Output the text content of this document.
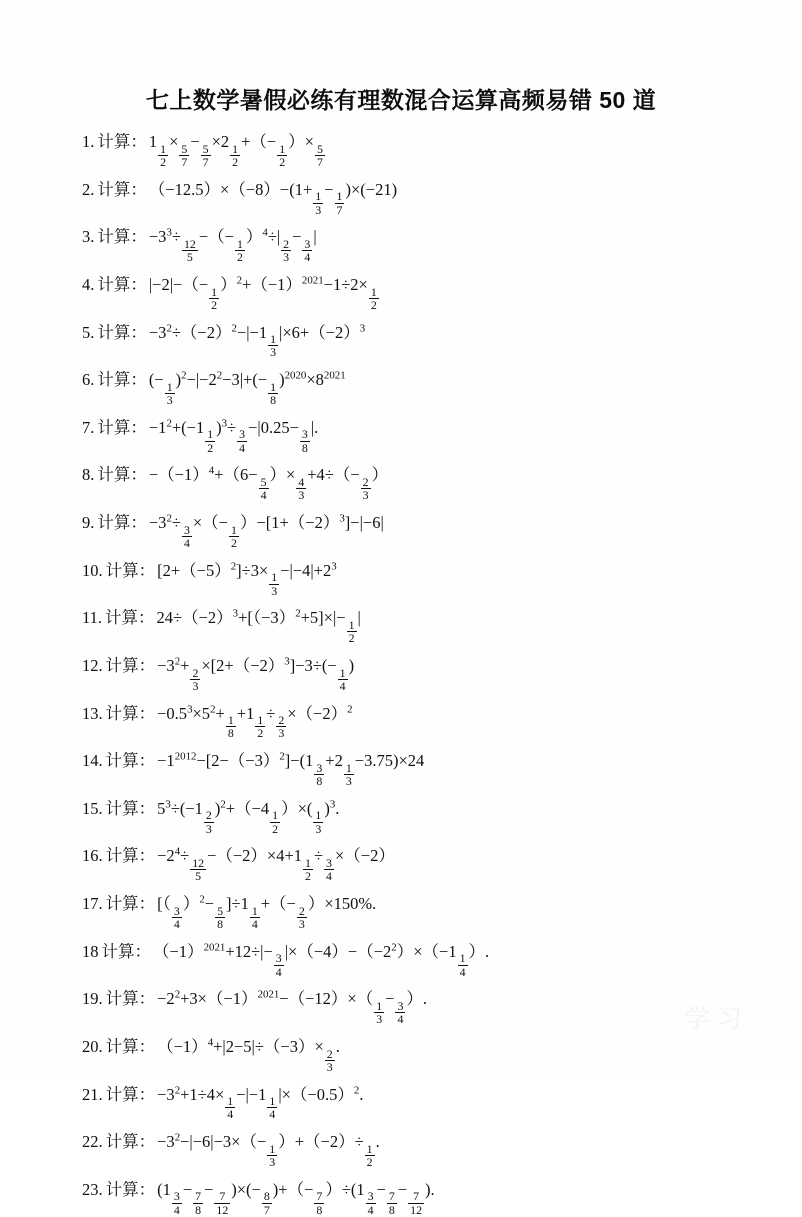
七上数学暑假必练有理数混合运算高频易错 50 道
1. 计算： 1
$\frac{1}{2}$
×
$\frac{5}{7}$
−
$\frac{5}{7}$
×2
$\frac{1}{2}$
+（−
$\frac{1}{2}$
）×
$\frac{5}{7}$
2. 计算： （−12.5）×（−8）−(1+
$\frac{1}{3}$
−
$\frac{1}{7}$
)×(−21)
3. 计算： $-3^3\div$
$\frac{12}{5}$
−（−
$\frac{1}{2}$
）$^4$÷|
$\frac{2}{3}$
−
$\frac{3}{4}$
|
4. 计算： |−2|−（−
$\frac{1}{2}$
）$^2+(-1)^{2021}-1\div 2\times$
$\frac{1}{2}$
5. 计算： $-3^2\div(-2)^2-|-1$
$\frac{1}{3}$
$|\times 6+(-2)^3$
6. 计算： (−
$\frac{1}{3}$
)$^2-|-2^2-3|+(-$
$\frac{1}{8}$
)$^{2020}\times 8^{2021}$
7. 计算： $-1^2+(-1$
$\frac{1}{2}$
)$^3$÷
$\frac{3}{4}$
−|0.25−
$\frac{3}{8}$
|.
8. 计算： $-(-1)^4+(6-$
$\frac{5}{4}$
）×
$\frac{4}{3}$
+4÷（−
$\frac{2}{3}$
）
9. 计算： $-3^2\div$
$\frac{3}{4}$
×（−
$\frac{1}{2}$
）$-[1+(-2)^3]-|-6|$
10. 计算： $[2+(-5)^2]\div 3\times$
$\frac{1}{3}$
$-|-4|+2^3$
11. 计算： $24\div(-2)^3+[(-3)^2+5]\times|-$
$\frac{1}{2}$
|
12. 计算： $-3^2+$
$\frac{2}{3}$
$\times[2+(-2)^3]-3\div(-$
$\frac{1}{4}$
)
13. 计算： $-0.5^3\times 5^2+$
$\frac{1}{8}$
+1
$\frac{1}{2}$
÷
$\frac{2}{3}$
$\times(-2)^2$
14. 计算： $-1^{2012}-[2-(-3)^2]-(1$
$\frac{3}{8}$
+2
$\frac{1}{3}$
−3.75)×24
15. 计算： $5^3\div(-1$
$\frac{2}{3}$
)$^2$+（−4
$\frac{1}{2}$
）×(
$\frac{1}{3}$
)$^3$.
16. 计算： $-2^4\div$
$\frac{12}{5}$
−（−2）×4+1
$\frac{1}{2}$
÷
$\frac{3}{4}$
×（−2）
17. 计算： [（
$\frac{3}{4}$
）$^2$−
$\frac{5}{8}$
]÷1
$\frac{1}{4}$
+（−
$\frac{2}{3}$
）×150%.
18 计算： $(-1)^{2021}+12\div|-$
$\frac{3}{4}$
$|\times(-4)-(-2^2)\times(-1$
$\frac{1}{4}$
）.
19. 计算： $-2^2+3\times(-1)^{2021}-(-12)\times$（
$\frac{1}{3}$
−
$\frac{3}{4}$
）.
20. 计算： $(-1)^4+|2-5|\div(-3)\times$
$\frac{2}{3}$
.
21. 计算： $-3^2+1\div 4\times$
$\frac{1}{4}$
−|−1
$\frac{1}{4}$
$|\times(-0.5)^2$.
22. 计算： $-3^2-|-6|-3\times(-$
$\frac{1}{3}$
）+（−2）÷
$\frac{1}{2}$
.
23. 计算： (1
$\frac{3}{4}$
−
$\frac{7}{8}$
−
$\frac{7}{12}$
)×(−
$\frac{8}{7}$
)+（−
$\frac{7}{8}$
）÷(1
$\frac{3}{4}$
−
$\frac{7}{8}$
−
$\frac{7}{12}$
).
学习
